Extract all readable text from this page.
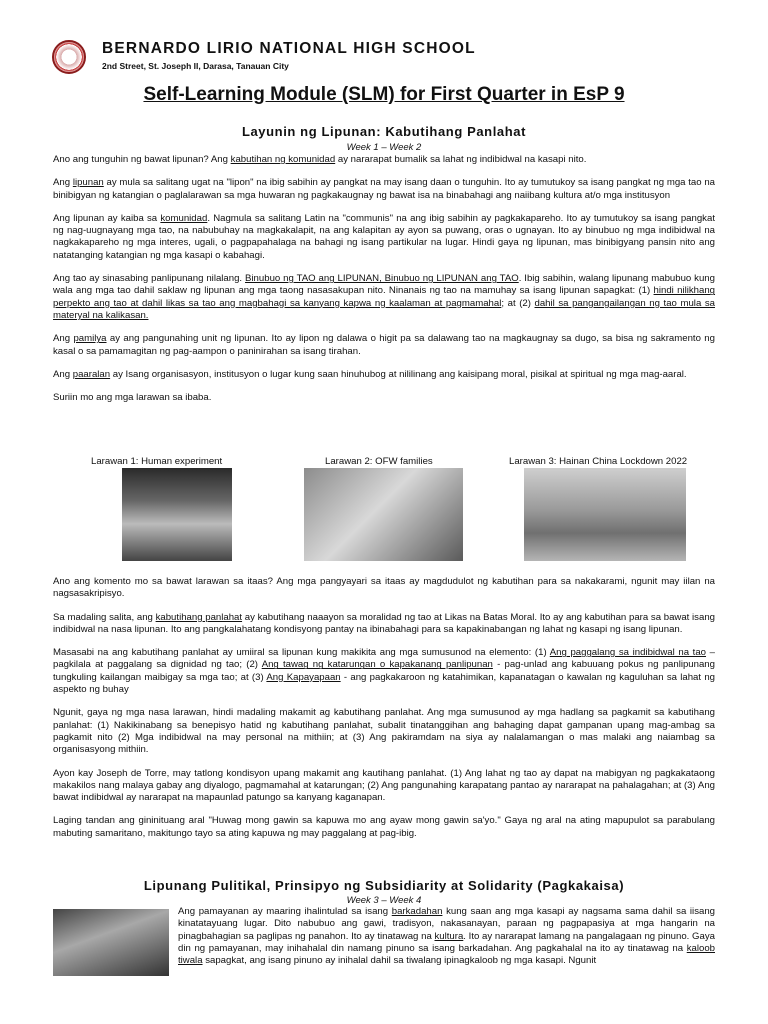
BERNARDO LIRIO NATIONAL HIGH SCHOOL
2nd Street, St. Joseph II, Darasa, Tanauan City
Self-Learning Module (SLM) for First Quarter in EsP 9
Layunin ng Lipunan: Kabutihang Panlahat
Week 1 – Week 2

Ano ang tunguhin ng bawat lipunan? Ang kabutihan ng komunidad ay nararapat bumalik sa lahat ng indibidwal na kasapi nito.

Ang lipunan ay mula sa salitang ugat na "lipon" na ibig sabihin ay pangkat na may isang daan o tunguhin. Ito ay tumutukoy sa isang pangkat ng mga tao na binibigyan ng katangian o paglalarawan sa mga huwaran ng pagkakaugnay ng bawat isa na binabahagi ang naiibang kultura at/o mga institusyon

Ang lipunan ay kaiba sa komunidad. Nagmula sa salitang Latin na "communis" na ang ibig sabihin ay pagkakapareho. Ito ay tumutukoy sa isang pangkat ng nag-uugnayang mga tao, na nabubuhay na magkakalapit, na ang kalapitan ay ayon sa puwang, oras o ugnayan. Ito ay binubuo ng mga indibidwal na nagkakapareho ng mga interes, ugali, o pagpapahalaga na bahagi ng isang partikular na lugar. Hindi gaya ng lipunan, mas binibigyang pansin nito ang natatanging katangian ng mga kasapi o kabahagi.

Ang tao ay sinasabing panlipunang nilalang. Binubuo ng TAO ang LIPUNAN, Binubuo ng LIPUNAN ang TAO. Ibig sabihin, walang lipunang mabubuo kung wala ang mga tao dahil saklaw ng lipunan ang mga taong nasasakupan nito. Ninanais ng tao na mamuhay sa isang lipunan sapagkat: (1) hindi nilikhang perpekto ang tao at dahil likas sa tao ang magbahagi sa kanyang kapwa ng kaalaman at pagmamahal; at (2) dahil sa pangangailangan ng tao mula sa materyal na kalikasan.

Ang pamilya ay ang pangunahing unit ng lipunan. Ito ay lipon ng dalawa o higit pa sa dalawang tao na magkaugnay sa dugo, sa bisa ng sakramento ng kasal o sa pamamagitan ng pag-aampon o paninirahan sa isang tirahan.

Ang paaralan ay Isang organisasyon, institusyon o lugar kung saan hinuhubog at nililinang ang kaisipang moral, pisikal at spiritual ng mga mag-aaral.

Suriin mo ang mga larawan sa ibaba.

Larawan 1: Human experiment	Larawan 2: OFW families	Larawan 3: Hainan China Lockdown 2022

Ano ang komento mo sa bawat larawan sa itaas? Ang mga pangyayari sa itaas ay magdudulot ng kabutihan para sa nakakarami, ngunit may iilan na nagsasakripisyo.

Sa madaling salita, ang kabutihang panlahat ay kabutihang naaayon sa moralidad ng tao at Likas na Batas Moral. Ito ay ang kabutihan para sa bawat isang indibidwal na nasa lipunan. Ito ang pangkalahatang kondisyong pantay na ibinabahagi para sa kapakinabangan ng lahat ng kasapi ng isang lipunan.

Masasabi na ang kabutihang panlahat ay umiiral sa lipunan kung makikita ang mga sumusunod na elemento: (1) Ang paggalang sa indibidwal na tao – pagkilala at paggalang sa dignidad ng tao; (2) Ang tawag ng katarungan o kapakanang panlipunan - pag-unlad ang kabuuang pokus ng panlipunang tungkuling kailangan maibigay sa mga tao; at (3) Ang Kapayapaan - ang pagkakaroon ng katahimikan, kapanatagan o kawalan ng kaguluhan sa lahat ng aspekto ng buhay

Ngunit, gaya ng mga nasa larawan, hindi madaling makamit ag kabutihang panlahat. Ang mga sumusunod ay mga hadlang sa pagkamit sa kabutihang panlahat: (1) Nakikinabang sa benepisyo hatid ng kabutihang panlahat, subalit tinatanggihan ang bahaging dapat gampanan upang mag-ambag sa pagkamit nito (2) Mga indibidwal na may personal na mithiin; at (3) Ang pakiramdam na siya ay nalalamangan o mas malaki ang naiambag sa organisasyong mithiin.

Ayon kay Joseph de Torre, may tatlong kondisyon upang makamit ang kautihang panlahat. (1) Ang lahat ng tao ay dapat na mabigyan ng pagkakataong makakilos nang malaya gabay ang diyalogo, pagmamahal at katarungan; (2) Ang pangunahing karapatang pantao ay nararapat na pahalagahan; at (3) Ang bawat indibidwal ay nararapat na mapaunlad patungo sa kanyang kaganapan.

Laging tandan ang gininituang aral "Huwag mong gawin sa kapuwa mo ang ayaw mong gawin sa'yo." Gaya ng aral na ating mapupulot sa parabulang mabuting samaritano, makitungo tayo sa ating kapuwa ng may paggalang at pag-ibig.

Lipunang Pulitikal, Prinsipyo ng Subsidiarity at Solidarity (Pagkakaisa)
Week 3 – Week 4
Ang pamayanan ay maaring ihalintulad sa isang barkadahan kung saan ang mga kasapi ay nagsama sama dahil sa iisang kinatatayuang lugar. Dito nabubuo ang gawi, tradisyon, nakasanayan, paraan ng pagpapasiya at mga hangarin na pinagbahagian sa paglipas ng panahon. Ito ay tinatawag na kultura. Ito ay nararapat lamang na pangalagaan ng pinuno. Gaya din ng pamayanan, may inihahalal din namang pinuno sa isang barkadahan. Ang pagkahalal na ito ay tinatawag na kaloob tiwala sapagkat, ang isang pinuno ay inihalal dahil sa tiwalang ipinagkaloob ng mga kasapi. Ngunit
